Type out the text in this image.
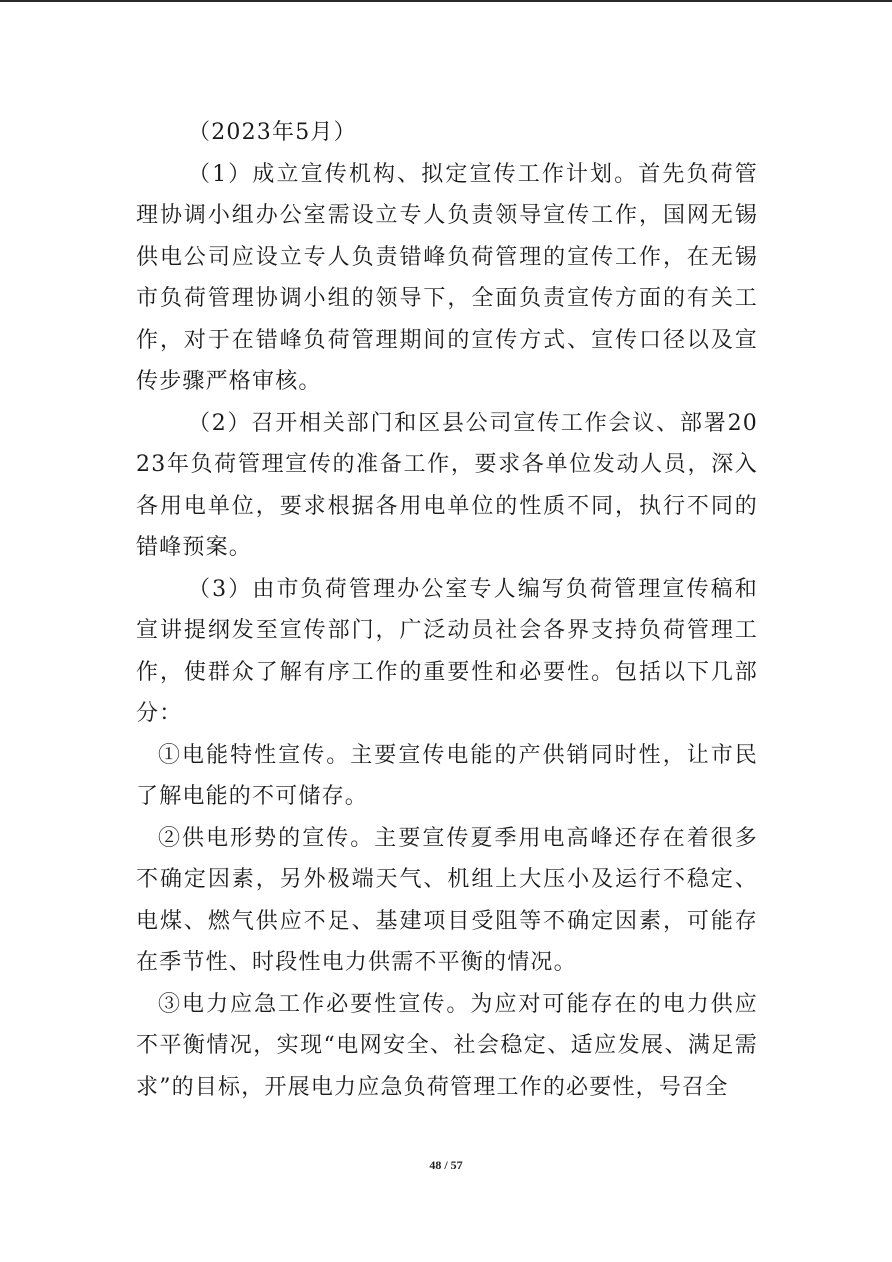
（2023年5月）

（1）成立宣传机构、拟定宣传工作计划。首先负荷管理协调小组办公室需设立专人负责领导宣传工作，国网无锡供电公司应设立专人负责错峰负荷管理的宣传工作，在无锡市负荷管理协调小组的领导下，全面负责宣传方面的有关工作，对于在错峰负荷管理期间的宣传方式、宣传口径以及宣传步骤严格审核。

（2）召开相关部门和区县公司宣传工作会议、部署2023年负荷管理宣传的准备工作，要求各单位发动人员，深入各用电单位，要求根据各用电单位的性质不同，执行不同的错峰预案。

（3）由市负荷管理办公室专人编写负荷管理宣传稿和宣讲提纲发至宣传部门，广泛动员社会各界支持负荷管理工作，使群众了解有序工作的重要性和必要性。包括以下几部分：

①电能特性宣传。主要宣传电能的产供销同时性，让市民了解电能的不可储存。

②供电形势的宣传。主要宣传夏季用电高峰还存在着很多不确定因素，另外极端天气、机组上大压小及运行不稳定、电煤、燃气供应不足、基建项目受阻等不确定因素，可能存在季节性、时段性电力供需不平衡的情况。

③电力应急工作必要性宣传。为应对可能存在的电力供应不平衡情况，实现“电网安全、社会稳定、适应发展、满足需求”的目标，开展电力应急负荷管理工作的必要性，号召全

48 / 57
